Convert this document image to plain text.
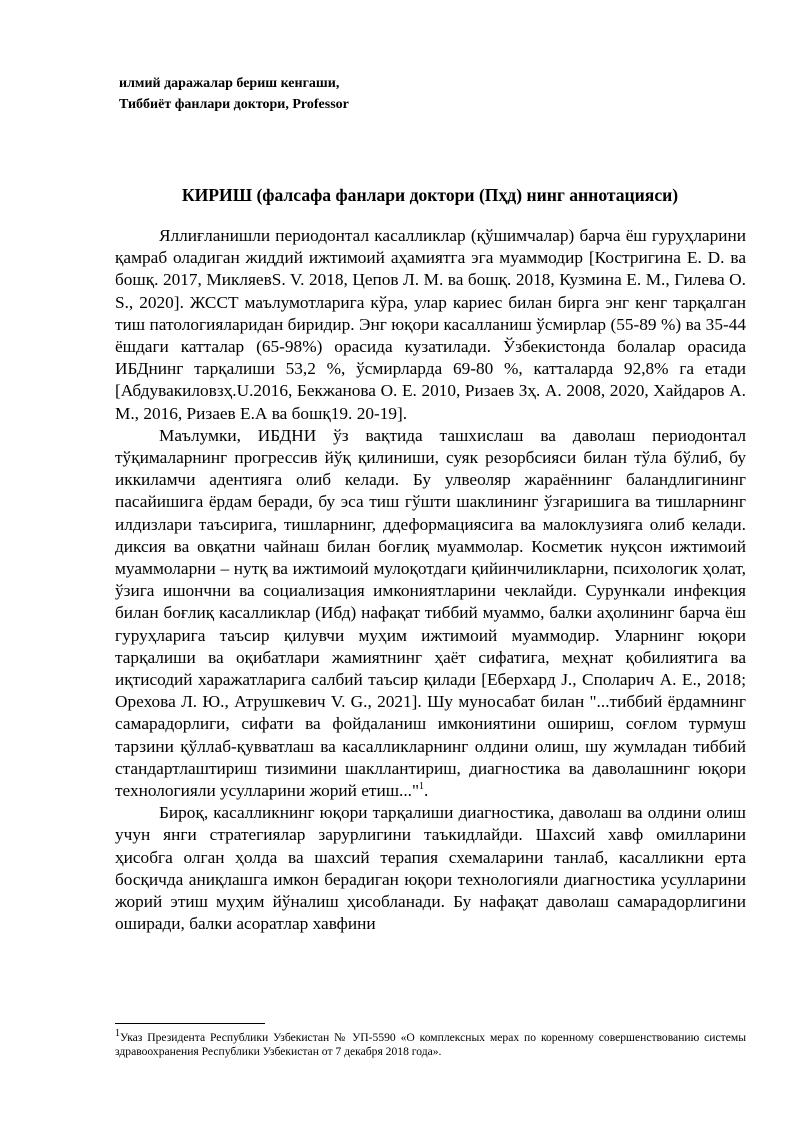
илмий даражалар бериш кенгаши,
Тиббиёт фанлари доктори, Professor
КИРИШ (фалсафа фанлари доктори (Пҳд) нинг аннотацияси)

Яллиғланишли периодонтал касалликлар (қўшимчалар) барча ёш гуруҳларини қамраб оладиган жиддий ижтимоий аҳамиятга эга муаммодир [Костригина Е. D. ва бошқ. 2017, МикляевS. V. 2018, Цепов Л. М. ва бошқ. 2018, Кузмина Е. М., Гилева О. S., 2020]. ЖССТ маълумотларига кўра, улар кариес билан бирга энг кенг тарқалган тиш патологияларидан биридир. Энг юқори касалланиш ўсмирлар (55-89 %) ва 35-44 ёшдаги катталар (65-98%) орасида кузатилади. Ўзбекистонда болалар орасида ИБДнинг тарқалиши 53,2 %, ўсмирларда 69-80 %, катталарда 92,8% га етади [Абдувакиловзҳ.U.2016, Бекжанова О. Е. 2010, Ризаев Зҳ. А. 2008, 2020, Хайдаров А. М., 2016, Ризаев Е.А ва бошқ19. 20-19].

Маълумки, ИБДНИ ўз вақтида ташхислаш ва даволаш периодонтал тўқималарнинг прогрессив йўқ қилиниши, суяк резорбсияси билан тўла бўлиб, бу иккиламчи адентияга олиб келади. Бу улвеоляр жараённинг баландлигининг пасайишига ёрдам беради, бу эса тиш гўшти шаклининг ўзгаришига ва тишларнинг илдизлари таъсирига, тишларнинг, ддеформациясига ва малоклузияга олиб келади. диксия ва овқатни чайнаш билан боғлиқ муаммолар. Косметик нуқсон ижтимоий муаммоларни – нутқ ва ижтимоий мулоқотдаги қийинчиликларни, психологик ҳолат, ўзига ишончни ва социализация имкониятларини чеклайди. Сурункали инфекция билан боғлиқ касалликлар (Ибд) нафақат тиббий муаммо, балки аҳолининг барча ёш гуруҳларига таъсир қилувчи муҳим ижтимоий муаммодир. Уларнинг юқори тарқалиши ва оқибатлари жамиятнинг ҳаёт сифатига, меҳнат қобилиятига ва иқтисодий харажатларига салбий таъсир қилади [Еберхард J., Споларич А. Е., 2018; Орехова Л. Ю., Атрушкевич V. G., 2021]. Шу муносабат билан "...тиббий ёрдамнинг самарадорлиги, сифати ва фойдаланиш имкониятини ошириш, соғлом турмуш тарзини қўллаб-қувватлаш ва касалликларнинг олдини олиш, шу жумладан тиббий стандартлаштириш тизимини шакллантириш, диагностика ва даволашнинг юқори технологияли усулларини жорий етиш..."$^1$.

Бироқ, касалликнинг юқори тарқалиши диагностика, даволаш ва олдини олиш учун янги стратегиялар зарурлигини таъкидлайди. Шахсий хавф омилларини ҳисобга олган ҳолда ва шахсий терапия схемаларини танлаб, касалликни ерта босқичда аниқлашга имкон берадиган юқори технологияли диагностика усулларини жорий этиш муҳим йўналиш ҳисобланади. Бу нафақат даволаш самарадорлигини оширади, балки асоратлар хавфини

$^1$Указ Президента Республики Узбекистан № УП-5590 «О комплексных мерах по коренному совершенствованию системы здравоохранения Республики Узбекистан от 7 декабря 2018 года».
